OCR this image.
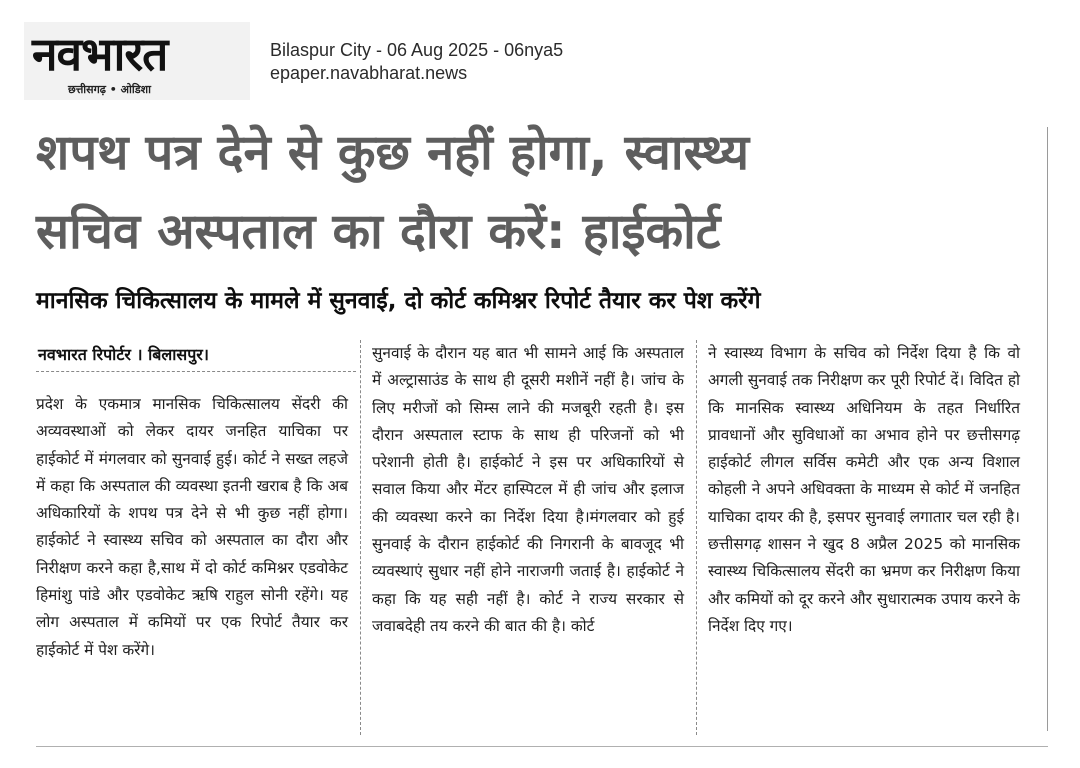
नवभारत
छत्तीसगढ़ • ओडिशा
Bilaspur City - 06 Aug 2025 - 06nya5
epaper.navabharat.news
शपथ पत्र देने से कुछ नहीं होगा, स्वास्थ्य
सचिव अस्पताल का दौरा करें: हाईकोर्ट
मानसिक चिकित्सालय के मामले में सुनवाई, दो कोर्ट कमिश्नर रिपोर्ट तैयार कर पेश करेंगे
नवभारत रिपोर्टर । बिलासपुर।
प्रदेश के एकमात्र मानसिक चिकित्सालय सेंदरी की अव्यवस्थाओं को लेकर दायर जनहित याचिका पर हाईकोर्ट में मंगलवार को सुनवाई हुई। कोर्ट ने सख्त लहजे में कहा कि अस्पताल की व्यवस्था इतनी खराब है कि अब अधिकारियों के शपथ पत्र देने से भी कुछ नहीं होगा। हाईकोर्ट ने स्वास्थ्य सचिव को अस्पताल का दौरा और निरीक्षण करने कहा है,साथ में दो कोर्ट कमिश्नर एडवोकेट हिमांशु पांडे और एडवोकेट ऋषि राहुल सोनी रहेंगे। यह लोग अस्पताल में कमियों पर एक रिपोर्ट तैयार कर हाईकोर्ट में पेश करेंगे।
सुनवाई के दौरान यह बात भी सामने आई कि अस्पताल में अल्ट्रासाउंड के साथ ही दूसरी मशीनें नहीं है। जांच के लिए मरीजों को सिम्स लाने की मजबूरी रहती है। इस दौरान अस्पताल स्टाफ के साथ ही परिजनों को भी परेशानी होती है। हाईकोर्ट ने इस पर अधिकारियों से सवाल किया और मेंटर हास्पिटल में ही जांच और इलाज की व्यवस्था करने का निर्देश दिया है।मंगलवार को हुई सुनवाई के दौरान हाईकोर्ट की निगरानी के बावजूद भी व्यवस्थाएं सुधार नहीं होने नाराजगी जताई है। हाईकोर्ट ने कहा कि यह सही नहीं है। कोर्ट ने राज्य सरकार से जवाबदेही तय करने की बात की है। कोर्ट
ने स्वास्थ्य विभाग के सचिव को निर्देश दिया है कि वो अगली सुनवाई तक निरीक्षण कर पूरी रिपोर्ट दें। विदित हो कि मानसिक स्वास्थ्य अधिनियम के तहत निर्धारित प्रावधानों और सुविधाओं का अभाव होने पर छत्तीसगढ़ हाईकोर्ट लीगल सर्विस कमेटी और एक अन्य विशाल कोहली ने अपने अधिवक्ता के माध्यम से कोर्ट में जनहित याचिका दायर की है, इसपर सुनवाई लगातार चल रही है। छत्तीसगढ़ शासन ने खुद 8 अप्रैल 2025 को मानसिक स्वास्थ्य चिकित्सालय सेंदरी का भ्रमण कर निरीक्षण किया और कमियों को दूर करने और सुधारात्मक उपाय करने के निर्देश दिए गए।
